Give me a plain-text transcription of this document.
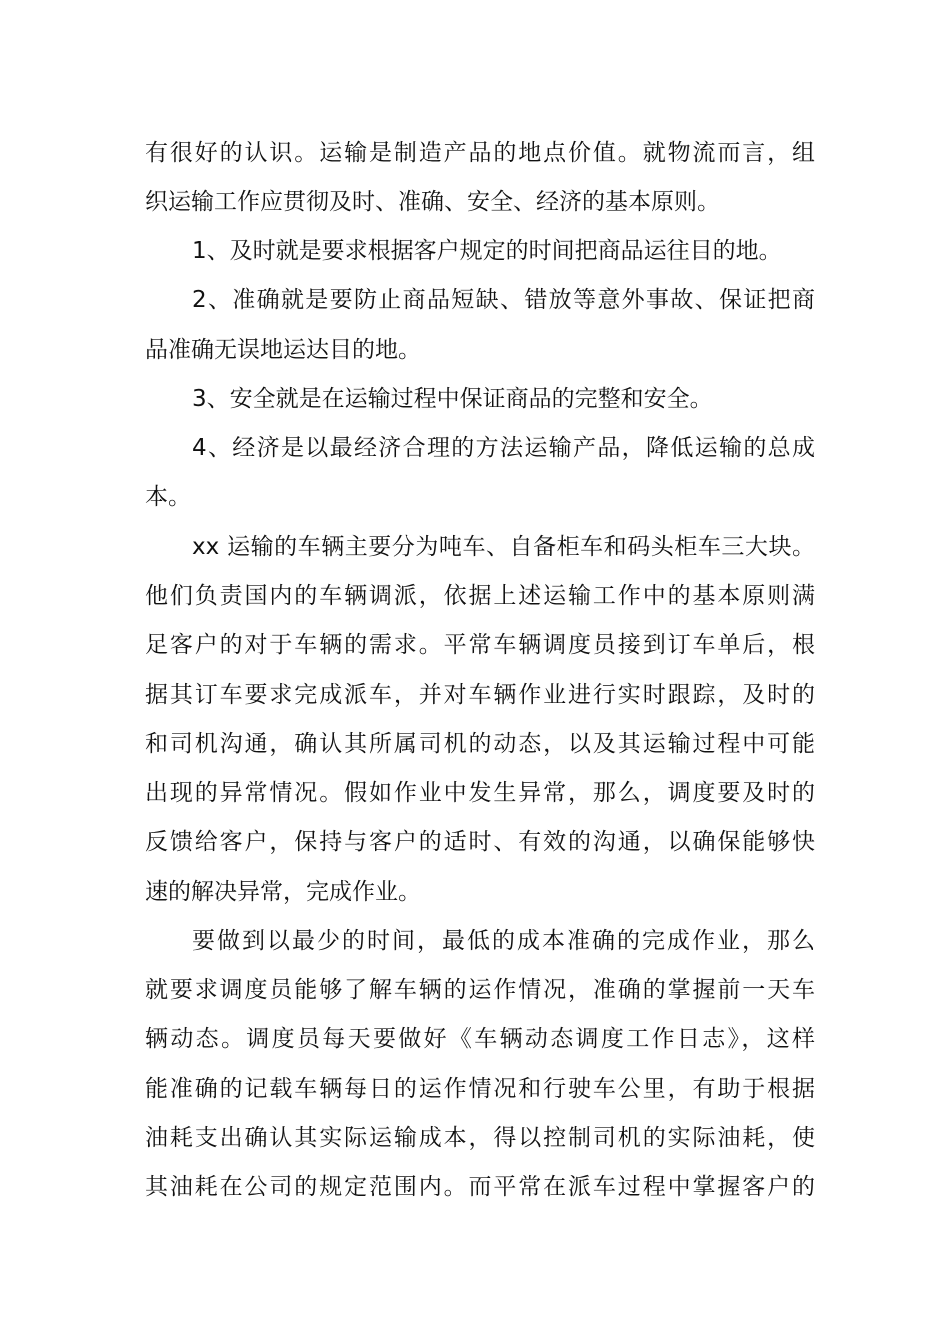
有很好的认识。运输是制造产品的地点价值。就物流而言，组
织运输工作应贯彻及时、准确、安全、经济的基本原则。
1、及时就是要求根据客户规定的时间把商品运往目的地。
2、准确就是要防止商品短缺、错放等意外事故、保证把商
品准确无误地运达目的地。
3、安全就是在运输过程中保证商品的完整和安全。
4、经济是以最经济合理的方法运输产品，降低运输的总成
本。
xx 运输的车辆主要分为吨车、自备柜车和码头柜车三大块。
他们负责国内的车辆调派，依据上述运输工作中的基本原则满
足客户的对于车辆的需求。平常车辆调度员接到订车单后，根
据其订车要求完成派车，并对车辆作业进行实时跟踪，及时的
和司机沟通，确认其所属司机的动态，以及其运输过程中可能
出现的异常情况。假如作业中发生异常，那么，调度要及时的
反馈给客户，保持与客户的适时、有效的沟通，以确保能够快
速的解决异常，完成作业。
要做到以最少的时间，最低的成本准确的完成作业，那么
就要求调度员能够了解车辆的运作情况，准确的掌握前一天车
辆动态。调度员每天要做好《车辆动态调度工作日志》，这样
能准确的记载车辆每日的运作情况和行驶车公里，有助于根据
油耗支出确认其实际运输成本，得以控制司机的实际油耗，使
其油耗在公司的规定范围内。而平常在派车过程中掌握客户的
